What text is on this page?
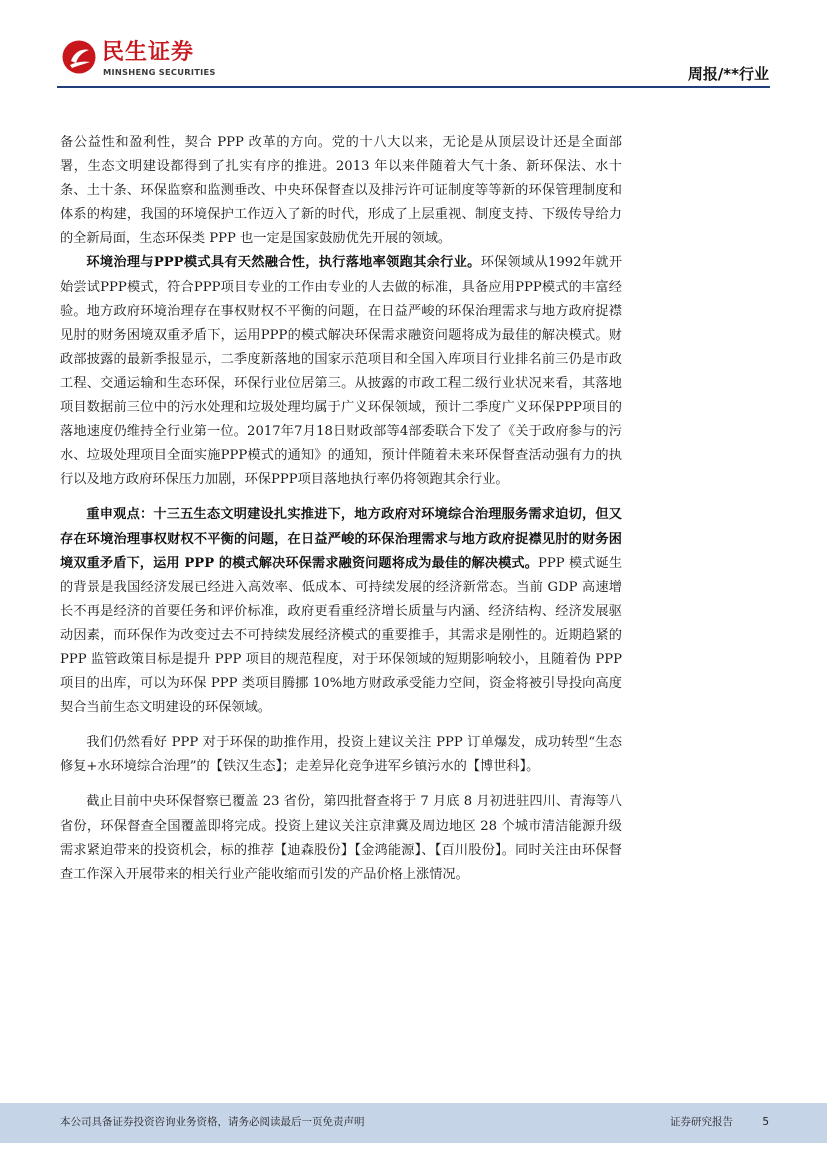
民生证券
MINSHENG SECURITIES	周报/**行业

备公益性和盈利性，契合 PPP 改革的方向。党的十八大以来，无论是从顶层设计还是全面部署，生态文明建设都得到了扎实有序的推进。2013 年以来伴随着大气十条、新环保法、水十条、土十条、环保监察和监测垂改、中央环保督查以及排污许可证制度等等新的环保管理制度和体系的构建，我国的环境保护工作迈入了新的时代，形成了上层重视、制度支持、下级传导给力的全新局面，生态环保类 PPP 也一定是国家鼓励优先开展的领域。

环境治理与PPP模式具有天然融合性，执行落地率领跑其余行业。环保领域从1992年就开始尝试PPP模式，符合PPP项目专业的工作由专业的人去做的标准，具备应用PPP模式的丰富经验。地方政府环境治理存在事权财权不平衡的问题，在日益严峻的环保治理需求与地方政府捉襟见肘的财务困境双重矛盾下，运用PPP的模式解决环保需求融资问题将成为最佳的解决模式。财政部披露的最新季报显示，二季度新落地的国家示范项目和全国入库项目行业排名前三仍是市政工程、交通运输和生态环保，环保行业位居第三。从披露的市政工程二级行业状况来看，其落地项目数据前三位中的污水处理和垃圾处理均属于广义环保领域，预计二季度广义环保PPP项目的落地速度仍维持全行业第一位。2017年7月18日财政部等4部委联合下发了《关于政府参与的污水、垃圾处理项目全面实施PPP模式的通知》的通知，预计伴随着未来环保督查活动强有力的执行以及地方政府环保压力加剧，环保PPP项目落地执行率仍将领跑其余行业。

重申观点：十三五生态文明建设扎实推进下，地方政府对环境综合治理服务需求迫切，但又存在环境治理事权财权不平衡的问题，在日益严峻的环保治理需求与地方政府捉襟见肘的财务困境双重矛盾下，运用 PPP 的模式解决环保需求融资问题将成为最佳的解决模式。PPP 模式诞生的背景是我国经济发展已经进入高效率、低成本、可持续发展的经济新常态。当前 GDP 高速增长不再是经济的首要任务和评价标准，政府更看重经济增长质量与内涵、经济结构、经济发展驱动因素，而环保作为改变过去不可持续发展经济模式的重要推手，其需求是刚性的。近期趋紧的 PPP 监管政策目标是提升 PPP 项目的规范程度，对于环保领域的短期影响较小，且随着伪 PPP 项目的出库，可以为环保 PPP 类项目腾挪 10%地方财政承受能力空间，资金将被引导投向高度契合当前生态文明建设的环保领域。

我们仍然看好 PPP 对于环保的助推作用，投资上建议关注 PPP 订单爆发，成功转型“生态修复+水环境综合治理”的【铁汉生态】；走差异化竞争进军乡镇污水的【博世科】。

截止目前中央环保督察已覆盖 23 省份，第四批督查将于 7 月底 8 月初进驻四川、青海等八省份，环保督查全国覆盖即将完成。投资上建议关注京津冀及周边地区 28 个城市清洁能源升级需求紧迫带来的投资机会，标的推荐【迪森股份】【金鸿能源】、【百川股份】。同时关注由环保督查工作深入开展带来的相关行业产能收缩而引发的产品价格上涨情况。

本公司具备证券投资咨询业务资格，请务必阅读最后一页免责声明	证券研究报告	5
